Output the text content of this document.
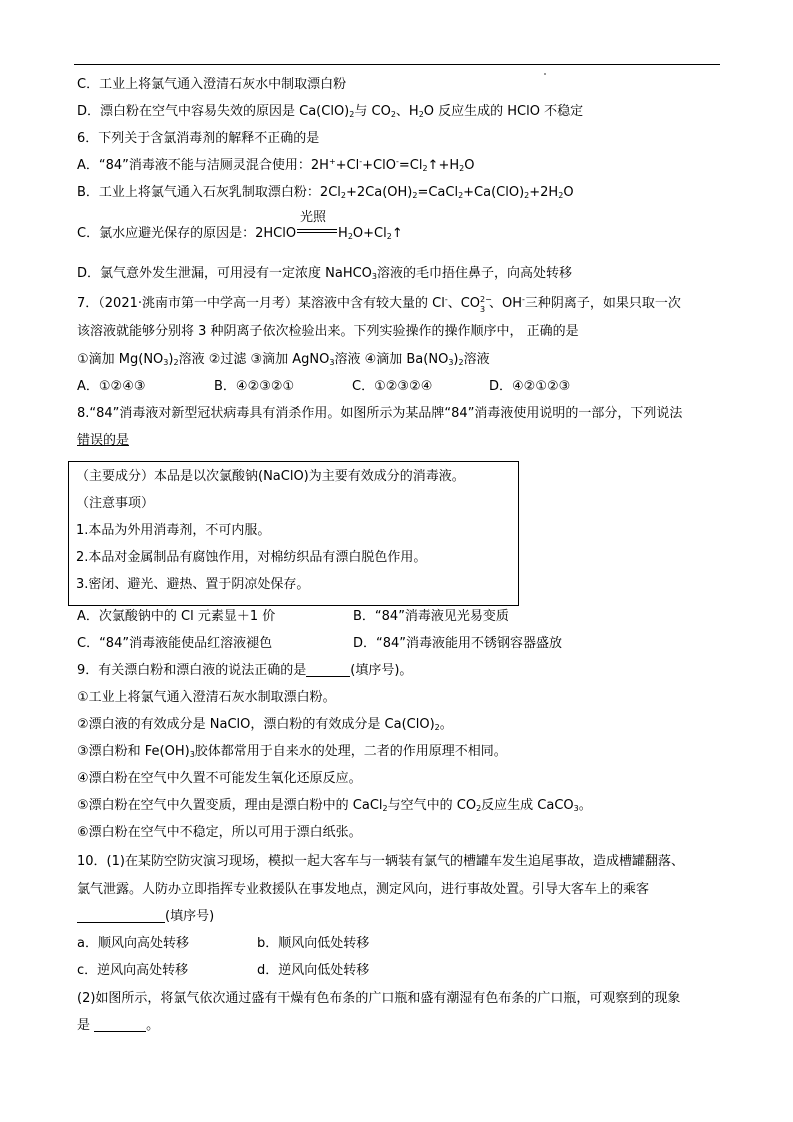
C．工业上将氯气通入澄清石灰水中制取漂白粉
D．漂白粉在空气中容易失效的原因是 $Ca(ClO)_2$与 $CO_2$、$H_2O$ 反应生成的 HClO 不稳定
6．下列关于含氯消毒剂的解释不正确的是
A．“84”消毒液不能与洁厕灵混合使用：$2H^++Cl^-+ClO^-=Cl_2↑+H_2O$
B．工业上将氯气通入石灰乳制取漂白粉：$2Cl_2+2Ca(OH)_2=CaCl_2+Ca(ClO)_2+2H_2O$
C．氯水应避光保存的原因是：2HClO
光照
$H_2O+Cl_2↑$
D．氯气意外发生泄漏，可用浸有一定浓度 NaHCO$_3$溶液的毛巾捂住鼻子，向高处转移
7．（2021·洮南市第一中学高一月考）某溶液中含有较大量的 Cl-、CO 2−
3 、OH-三种阴离子，如果只取一次
该溶液就能够分别将 3 种阴离子依次检验出来。下列实验操作的操作顺序中， 正确的是
①滴加 $Mg(NO_3)_2$溶液 ②过滤 ③滴加 AgNO$_3$溶液 ④滴加 $Ba(NO_3)_2$溶液
A．①②④③	B．④②③②①	C．①②③②④	D．④②①②③
8.“84”消毒液对新型冠状病毒具有消杀作用。如图所示为某品牌“84”消毒液使用说明的一部分，下列说法
错误的是
（主要成分）本品是以次氯酸钠(NaClO)为主要有效成分的消毒液。
（注意事项）
1.本品为外用消毒剂，不可内服。
2.本品对金属制品有腐蚀作用，对棉纺织品有漂白脱色作用。
3.密闭、避光、避热、置于阴凉处保存。
A．次氯酸钠中的 Cl 元素显＋1 价	B．“84”消毒液见光易变质
C．“84”消毒液能使品红溶液褪色	D．“84”消毒液能用不锈钢容器盛放
9．有关漂白粉和漂白液的说法正确的是	(填序号)。
①工业上将氯气通入澄清石灰水制取漂白粉。
②漂白液的有效成分是 NaClO，漂白粉的有效成分是 $Ca(ClO)_2$。
③漂白粉和 $Fe(OH)_3$胶体都常用于自来水的处理，二者的作用原理不相同。
④漂白粉在空气中久置不可能发生氧化还原反应。
⑤漂白粉在空气中久置变质，理由是漂白粉中的 CaCl$_2$与空气中的 $CO_2$反应生成 CaCO$_3$。
⑥漂白粉在空气中不稳定，所以可用于漂白纸张。
10．(1)在某防空防灾演习现场，模拟一起大客车与一辆装有氯气的槽罐车发生追尾事故，造成槽罐翻落、
氯气泄露。人防办立即指挥专业救援队在事发地点，测定风向，进行事故处置。引导大客车上的乘客
(填序号)
a．顺风向高处转移	b．顺风向低处转移
c．逆风向高处转移	d．逆风向低处转移
(2)如图所示，将氯气依次通过盛有干燥有色布条的广口瓶和盛有潮湿有色布条的广口瓶，可观察到的现象
是	。
